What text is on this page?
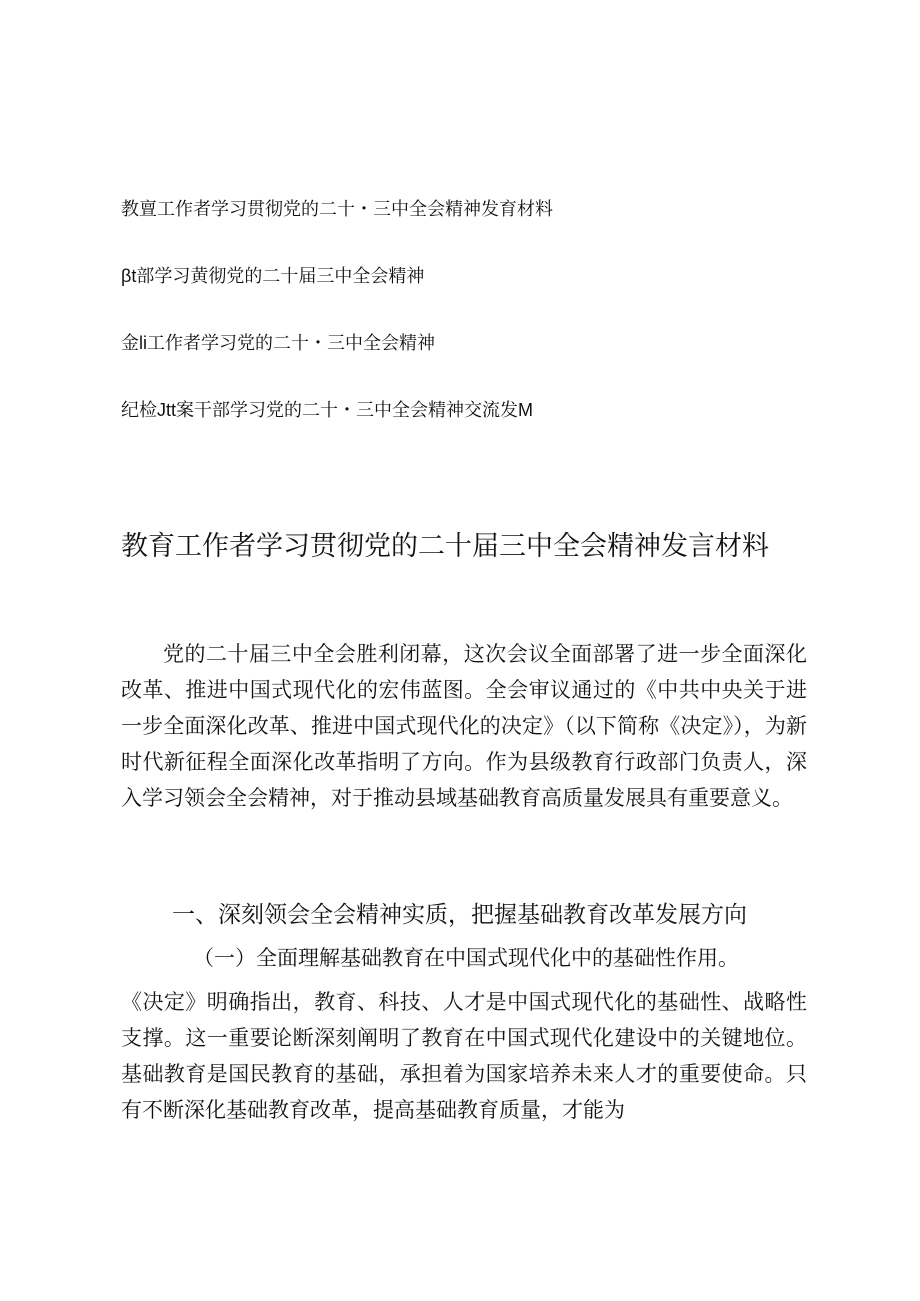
教亶工作者学习贯彻党的二十・三中全会精神发育材料
βt部学习黄彻党的二十届三中全会精神
金li工作者学习党的二十・三中全会精神
纪检Jtt案干部学习党的二十・三中全会精神交流发M
教育工作者学习贯彻党的二十届三中全会精神发言材料

党的二十届三中全会胜利闭幕，这次会议全面部署了进一步全面深化改革、推进中国式现代化的宏伟蓝图。全会审议通过的《中共中央关于进一步全面深化改革、推进中国式现代化的决定》（以下简称《决定》），为新时代新征程全面深化改革指明了方向。作为县级教育行政部门负责人，深入学习领会全会精神，对于推动县域基础教育高质量发展具有重要意义。

一、深刻领会全会精神实质，把握基础教育改革发展方向

（一）全面理解基础教育在中国式现代化中的基础性作用。

《决定》明确指出，教育、科技、人才是中国式现代化的基础性、战略性支撑。这一重要论断深刻阐明了教育在中国式现代化建设中的关键地位。基础教育是国民教育的基础，承担着为国家培养未来人才的重要使命。只有不断深化基础教育改革，提高基础教育质量，才能为
